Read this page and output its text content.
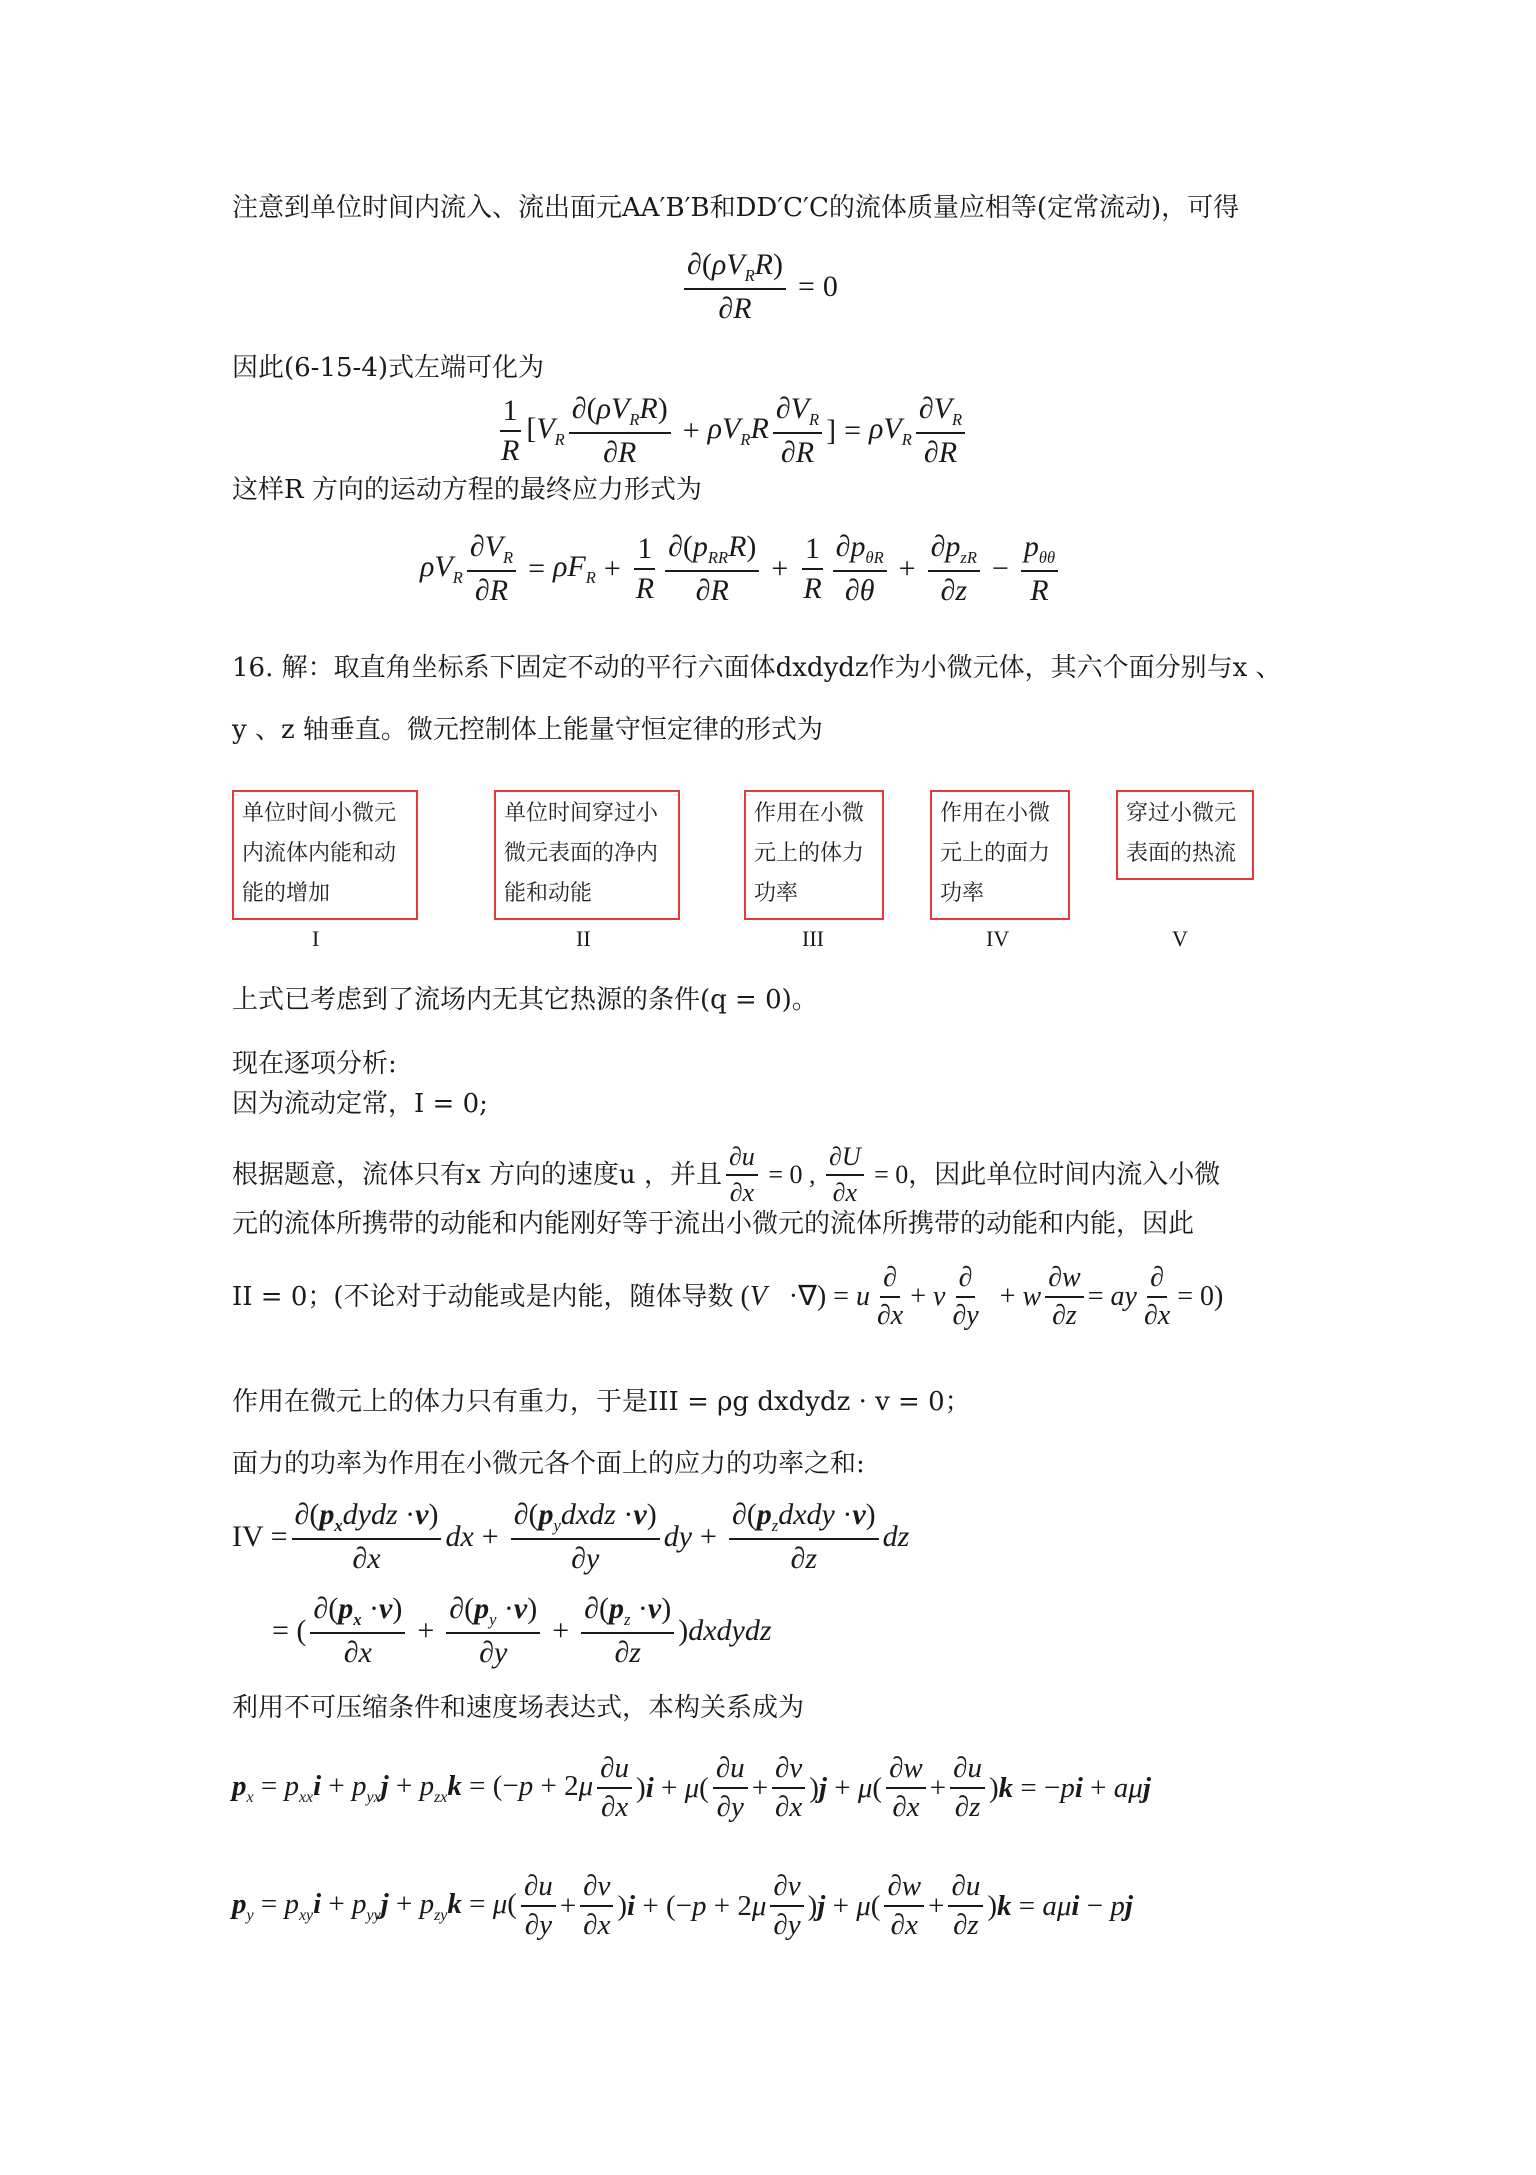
注意到单位时间内流入、流出面元AA′B′B和DD′C′C的流体质量应相等(定常流动)，可得
$\frac{\partial(\rho V_RR)}{\partial R} = 0$
因此(6-15-4)式左端可化为
$\frac{1}{R} [V_R \frac{\partial(\rho V_RR)}{\partial R} + \rho V_RR \frac{\partial V_R}{\partial R}$ ] = $\rho V_R \frac{\partial V_R}{\partial R}$
这样R 方向的运动方程的最终应力形式为
$\rho V_R \frac{\partial V_R}{\partial R} = \rho F_R + \frac{1}{R} \frac{\partial(p_{RR}R)}{\partial R} + \frac{1}{R} \frac{\partial p_{\theta R}}{\partial\theta} + \frac{\partial p_{zR}}{\partial z} - \frac{p_{\theta\theta}}{R}$
16. 解：取直角坐标系下固定不动的平行六面体dxdydz作为小微元体，其六个面分别与x 、
y 、z 轴垂直。微元控制体上能量守恒定律的形式为
单位时间小微元内流体内能和动能的增加
单位时间穿过小微元表面的净内能和动能
作用在小微元上的体力功率
作用在小微元上的面力功率
穿过小微元表面的热流
I	II	III	IV	V
上式已考虑到了流场内无其它热源的条件(q = 0)。
现在逐项分析:
因为流动定常，I = 0;
根据题意，流体只有x 方向的速度u ，并且 $\frac{\partial u}{\partial x} = 0$ , $\frac{\partial U}{\partial x} = 0$ ，因此单位时间内流入小微
元的流体所携带的动能和内能刚好等于流出小微元的流体所携带的动能和内能，因此
II = 0；(不论对于动能或是内能，随体导数 (V⃗·∇) = u $\frac{\partial}{\partial x} + v \frac{\partial}{\partial y} + w \frac{\partial w}{\partial z}$ = ay $\frac{\partial}{\partial x} = 0$)
作用在微元上的体力只有重力，于是III = ρg dxdydz · v = 0；
面力的功率为作用在小微元各个面上的应力的功率之和:
IV = $\frac{\partial(p_xdydz \cdot v)}{\partial x}$ dx + $\frac{\partial(p_ydxdz \cdot v)}{\partial y}$ dy + $\frac{\partial(p_zdxdy \cdot v)}{\partial z}$ dz
= ( $\frac{\partial(p_x \cdot v)}{\partial x} + \frac{\partial(p_y \cdot v)}{\partial y} + \frac{\partial(p_z \cdot v)}{\partial z}$ )dxdydz
利用不可压缩条件和速度场表达式，本构关系成为
$p_x = p_{xx}i + p_{yx}j + p_{zx}k = (-p + 2\mu \frac{\partial u}{\partial x} )i + \mu( \frac{\partial u}{\partial y} + \frac{\partial v}{\partial x} )j + \mu( \frac{\partial w}{\partial x} + \frac{\partial u}{\partial z} )k = -pi + a\mu j$
$p_y = p_{xy}i + p_{yy}j + p_{zy}k = \mu( \frac{\partial u}{\partial y} + \frac{\partial v}{\partial x} )i + (-p + 2\mu \frac{\partial v}{\partial y} )j + \mu( \frac{\partial w}{\partial x} + \frac{\partial u}{\partial z} )k = a\mu i$ − pj
